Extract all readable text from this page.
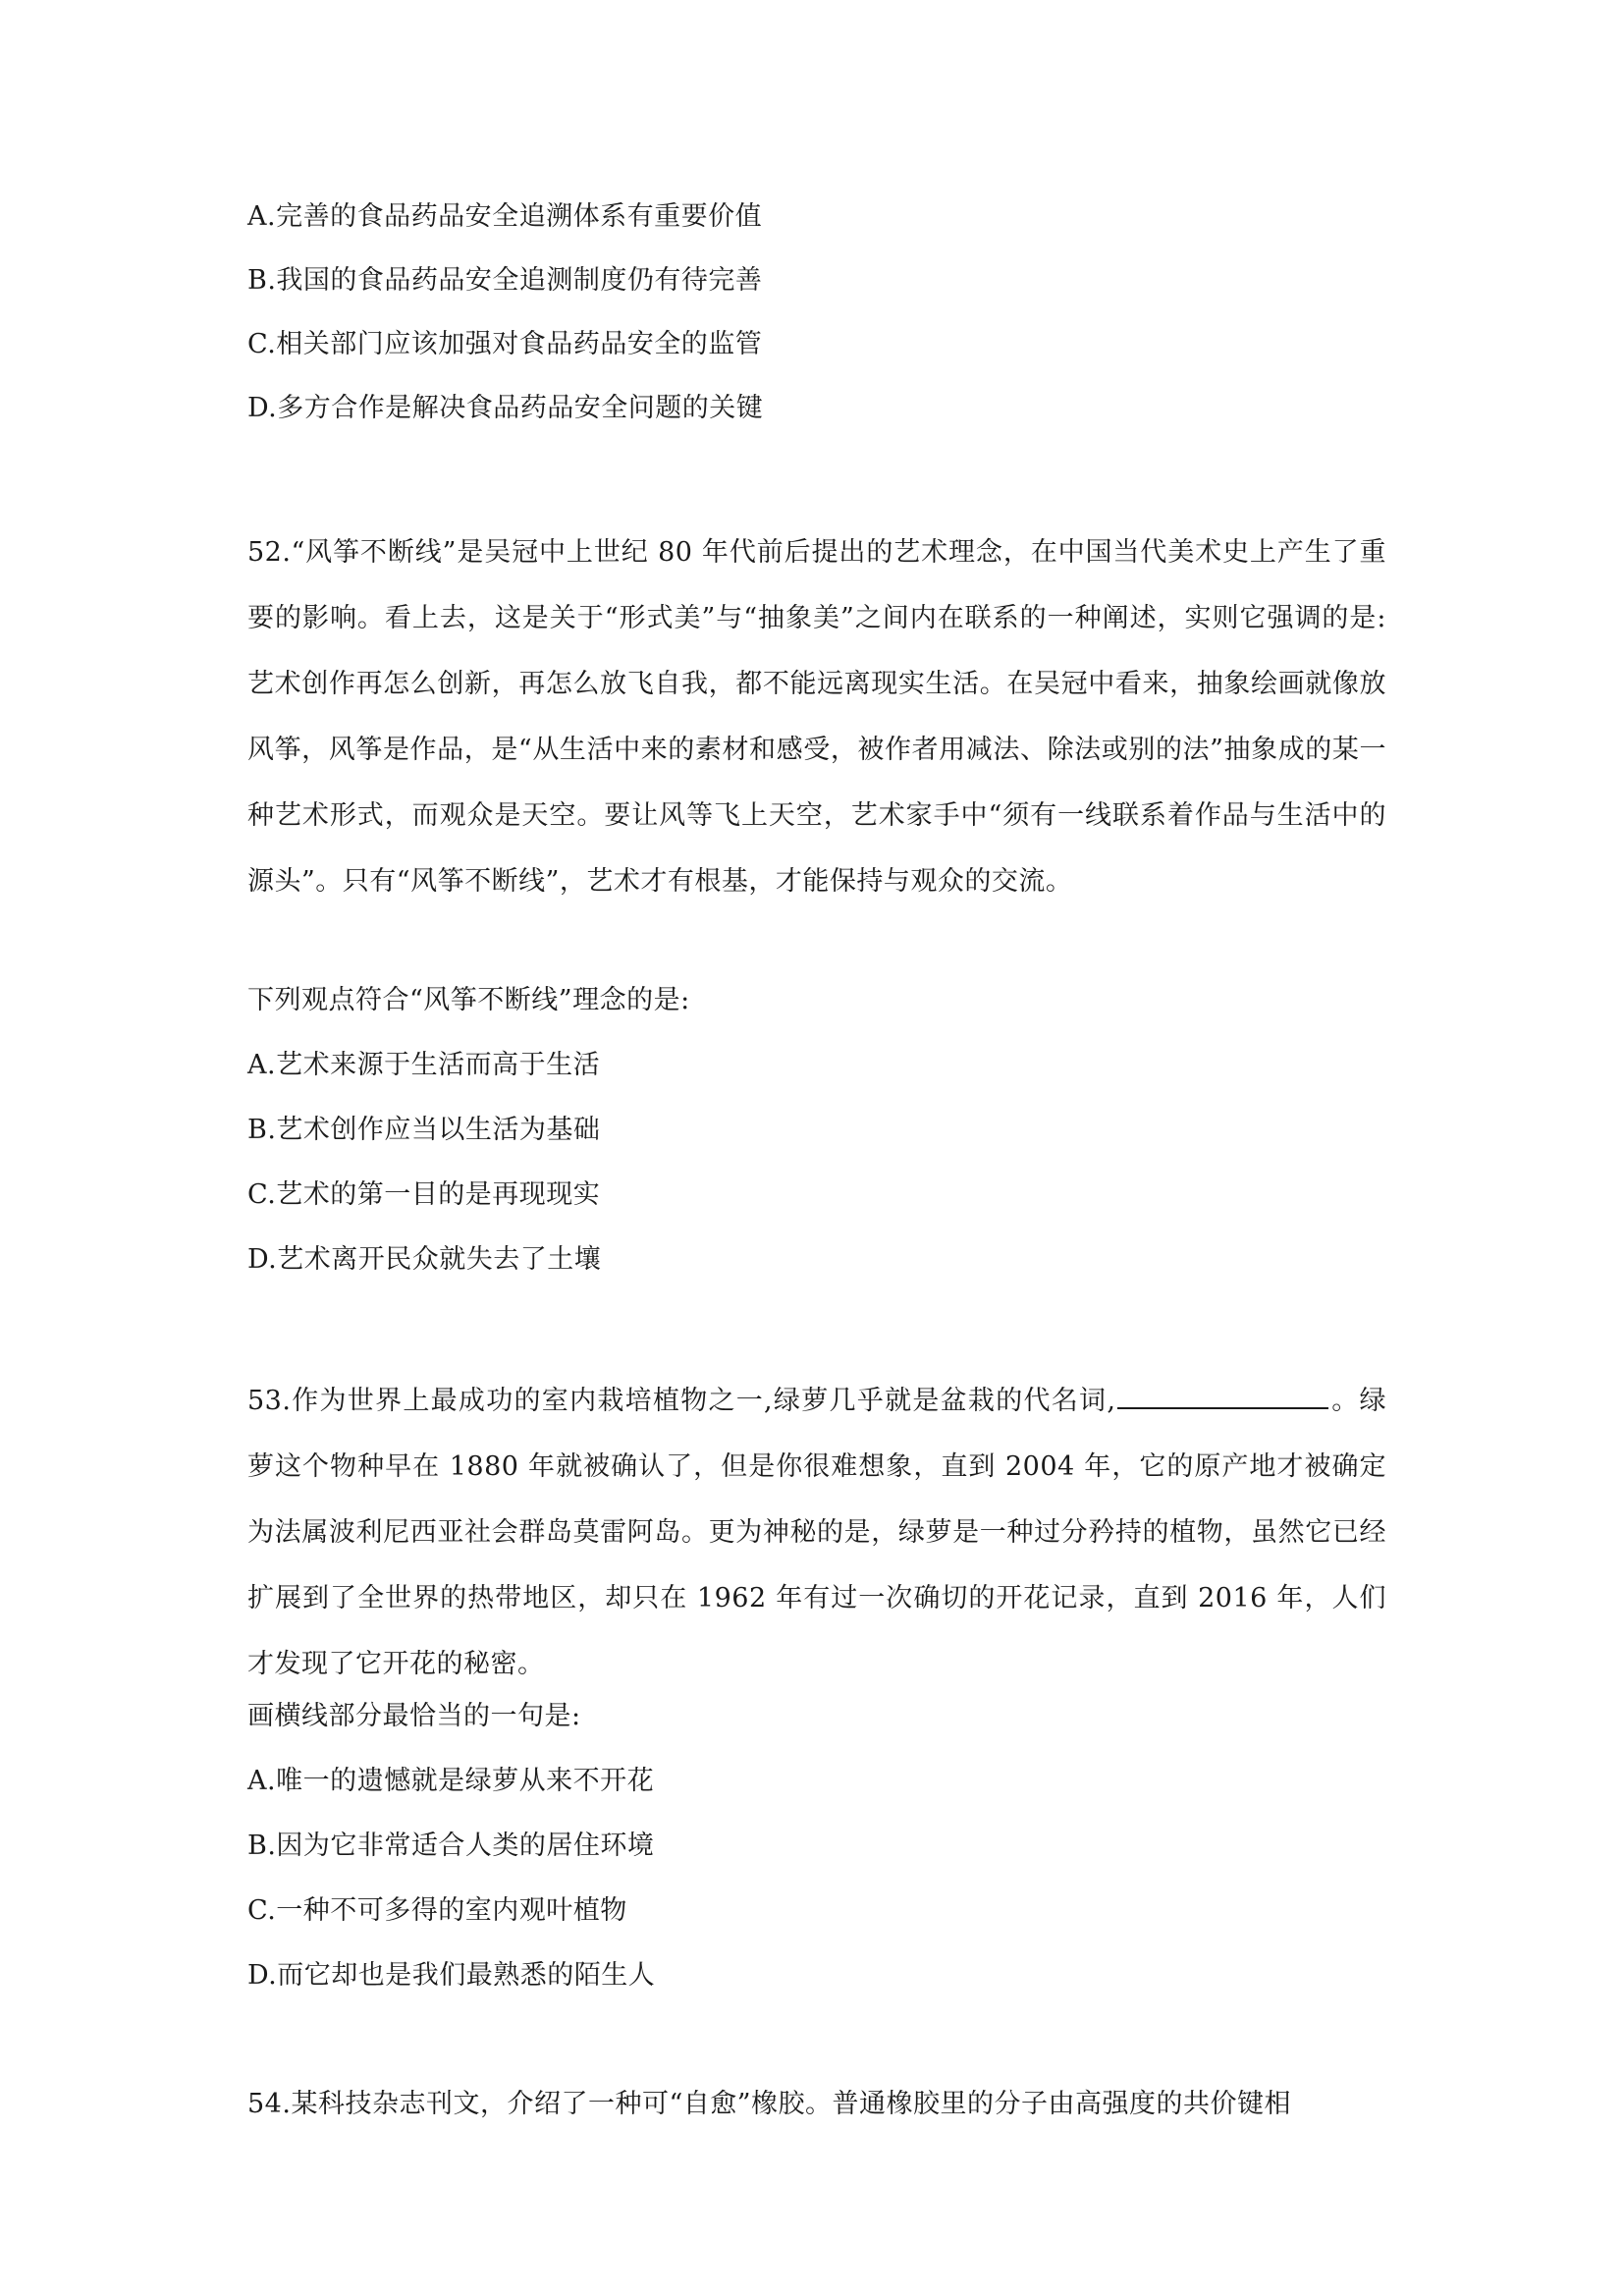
A.完善的食品药品安全追溯体系有重要价值
B.我国的食品药品安全追测制度仍有待完善
C.相关部门应该加强对食品药品安全的监管
D.多方合作是解决食品药品安全问题的关键
52.“风筝不断线”是吴冠中上世纪 80 年代前后提出的艺术理念，在中国当代美术史上产生了重要的影响。看上去，这是关于“形式美”与“抽象美”之间内在联系的一种阐述，实则它强调的是:艺术创作再怎么创新，再怎么放飞自我，都不能远离现实生活。在吴冠中看来，抽象绘画就像放风筝，风筝是作品，是“从生活中来的素材和感受，被作者用减法、除法或别的法”抽象成的某一种艺术形式，而观众是天空。要让风等飞上天空，艺术家手中“须有一线联系着作品与生活中的源头”。只有“风筝不断线”，艺术才有根基，才能保持与观众的交流。
下列观点符合“风筝不断线”理念的是:
A.艺术来源于生活而高于生活
B.艺术创作应当以生活为基础
C.艺术的第一目的是再现现实
D.艺术离开民众就失去了土壤
53.作为世界上最成功的室内栽培植物之一,绿萝几乎就是盆栽的代名词,	。绿萝这个物种早在 1880 年就被确认了，但是你很难想象，直到 2004 年，它的原产地才被确定为法属波利尼西亚社会群岛莫雷阿岛。更为神秘的是，绿萝是一种过分矜持的植物，虽然它已经扩展到了全世界的热带地区，却只在 1962 年有过一次确切的开花记录，直到 2016 年，人们才发现了它开花的秘密。
画横线部分最恰当的一句是:
A.唯一的遗憾就是绿萝从来不开花
B.因为它非常适合人类的居住环境
C.一种不可多得的室内观叶植物
D.而它却也是我们最熟悉的陌生人
54.某科技杂志刊文，介绍了一种可“自愈”橡胶。普通橡胶里的分子由高强度的共价键相
